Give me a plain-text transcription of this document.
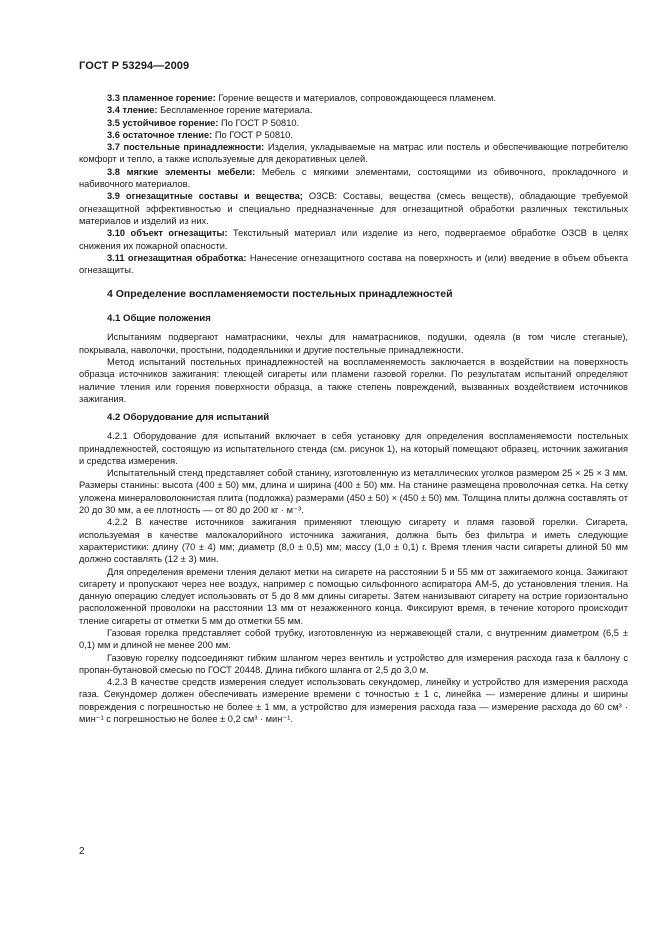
ГОСТ Р 53294—2009

3.3 пламенное горение: Горение веществ и материалов, сопровождающееся пламенем.

3.4 тление: Беспламенное горение материала.

3.5 устойчивое горение: По ГОСТ Р 50810.

3.6 остаточное тление: По ГОСТ Р 50810.

3.7 постельные принадлежности: Изделия, укладываемые на матрас или постель и обеспечивающие потребителю комфорт и тепло, а также используемые для декоративных целей.

3.8 мягкие элементы мебели: Мебель с мягкими элементами, состоящими из обивочного, прокладочного и набивочного материалов.

3.9 огнезащитные составы и вещества; ОЗСВ: Составы, вещества (смесь веществ), обладающие требуемой огнезащитной эффективностью и специально предназначенные для огнезащитной обработки различных текстильных материалов и изделий из них.

3.10 объект огнезащиты: Текстильный материал или изделие из него, подвергаемое обработке ОЗСВ в целях снижения их пожарной опасности.

3.11 огнезащитная обработка: Нанесение огнезащитного состава на поверхность и (или) введение в объем объекта огнезащиты.

4 Определение воспламеняемости постельных принадлежностей

4.1 Общие положения

Испытаниям подвергают наматрасники, чехлы для наматрасников, подушки, одеяла (в том числе стеганые), покрывала, наволочки, простыни, пододеяльники и другие постельные принадлежности.

Метод испытаний постельных принадлежностей на воспламеняемость заключается в воздействии на поверхность образца источников зажигания: тлеющей сигареты или пламени газовой горелки. По результатам испытаний определяют наличие тления или горения поверхности образца, а также степень повреждений, вызванных воздействием источников зажигания.

4.2 Оборудование для испытаний

4.2.1 Оборудование для испытаний включает в себя установку для определения воспламеняемости постельных принадлежностей, состоящую из испытательного стенда (см. рисунок 1), на который помещают образец, источник зажигания и средства измерения.

Испытательный стенд представляет собой станину, изготовленную из металлических уголков размером 25 × 25 × 3 мм. Размеры станины: высота (400 ± 50) мм, длина и ширина (400 ± 50) мм. На станине размещена проволочная сетка. На сетку уложена минераловолокнистая плита (подложка) размерами (450 ± 50) × (450 ± 50) мм. Толщина плиты должна составлять от 20 до 30 мм, а ее плотность — от 80 до 200 кг · м⁻³.

4.2.2 В качестве источников зажигания применяют тлеющую сигарету и пламя газовой горелки. Сигарета, используемая в качестве малокалорийного источника зажигания, должна быть без фильтра и иметь следующие характеристики: длину (70 ± 4) мм; диаметр (8,0 ± 0,5) мм; массу (1,0 ± 0,1) г. Время тления части сигареты длиной 50 мм должно составлять (12 ± 3) мин.

Для определения времени тления делают метки на сигарете на расстоянии 5 и 55 мм от зажигаемого конца. Зажигают сигарету и пропускают через нее воздух, например с помощью сильфонного аспиратора АМ-5, до установления тления. На данную операцию следует использовать от 5 до 8 мм длины сигареты. Затем нанизывают сигарету на острие горизонтально расположенной проволоки на расстоянии 13 мм от незажженного конца. Фиксируют время, в течение которого происходит тление сигареты от отметки 5 мм до отметки 55 мм.

Газовая горелка представляет собой трубку, изготовленную из нержавеющей стали, с внутренним диаметром (6,5 ± 0,1) мм и длиной не менее 200 мм.

Газовую горелку подсоединяют гибким шлангом через вентиль и устройство для измерения расхода газа к баллону с пропан-бутановой смесью по ГОСТ 20448. Длина гибкого шланга от 2,5 до 3,0 м.

4.2.3 В качестве средств измерения следует использовать секундомер, линейку и устройство для измерения расхода газа. Секундомер должен обеспечивать измерение времени с точностью ± 1 с, линейка — измерение длины и ширины повреждения с погрешностью не более ± 1 мм, а устройство для измерения расхода газа — измерение расхода до 60 см³ · мин⁻¹ с погрешностью не более ± 0,2 см³ · мин⁻¹.

2
